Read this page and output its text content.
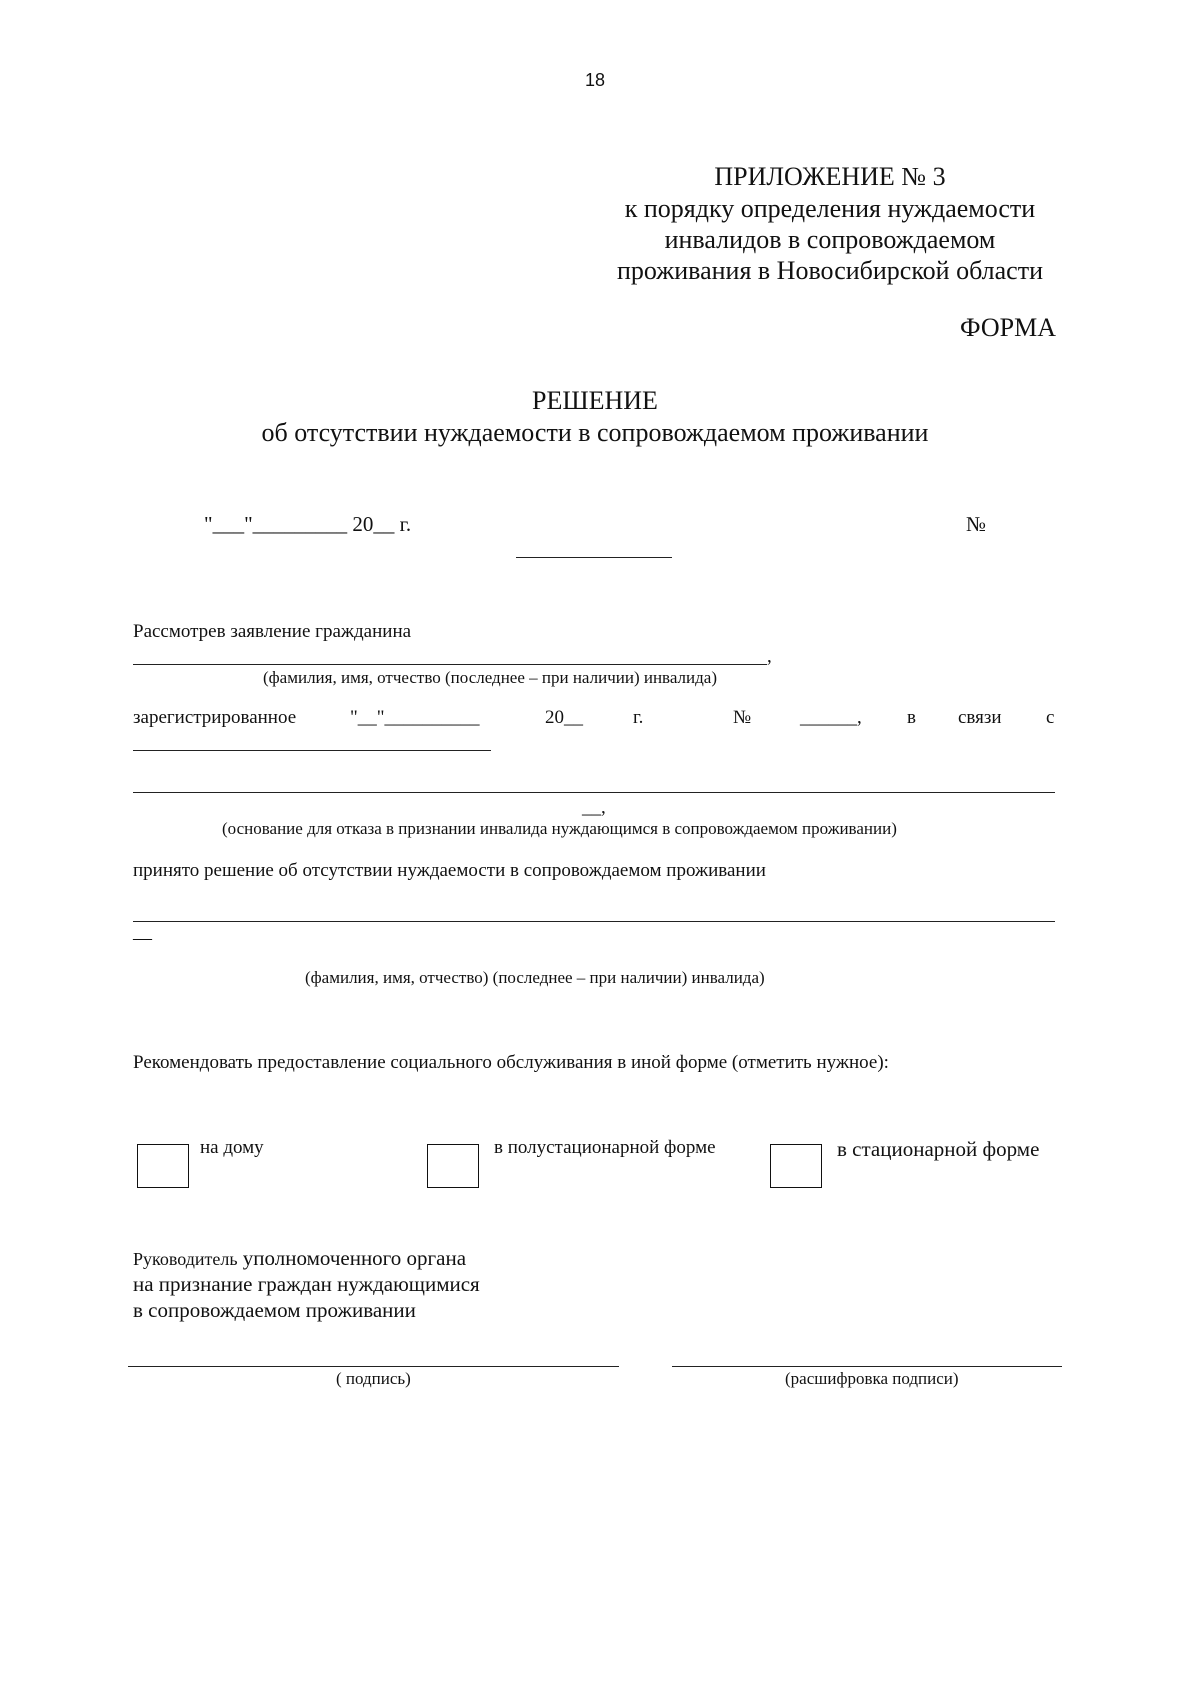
18
ПРИЛОЖЕНИЕ № 3
к порядку определения нуждаемости
инвалидов в сопровождаемом
проживания в Новосибирской области
ФОРМА
РЕШЕНИЕ
об отсутствии нуждаемости в сопровождаемом проживании
"___"_________ 20__ г.	№
Рассмотрев заявление гражданина
,
(фамилия, имя, отчество (последнее – при наличии) инвалида)
зарегистрированное	"__"__________	20__	г.	№	______, в связи с
__,
(основание для отказа в признании инвалида нуждающимся в сопровождаемом проживании)
принято решение об отсутствии нуждаемости в сопровождаемом проживании
—
(фамилия, имя, отчество) (последнее – при наличии) инвалида)
Рекомендовать предоставление социального обслуживания в иной форме (отметить нужное):
на дому	в полустационарной форме	в стационарной форме
Руководитель уполномоченного органа
на признание граждан нуждающимися
в сопровождаемом проживании
( подпись)	(расшифровка подписи)
